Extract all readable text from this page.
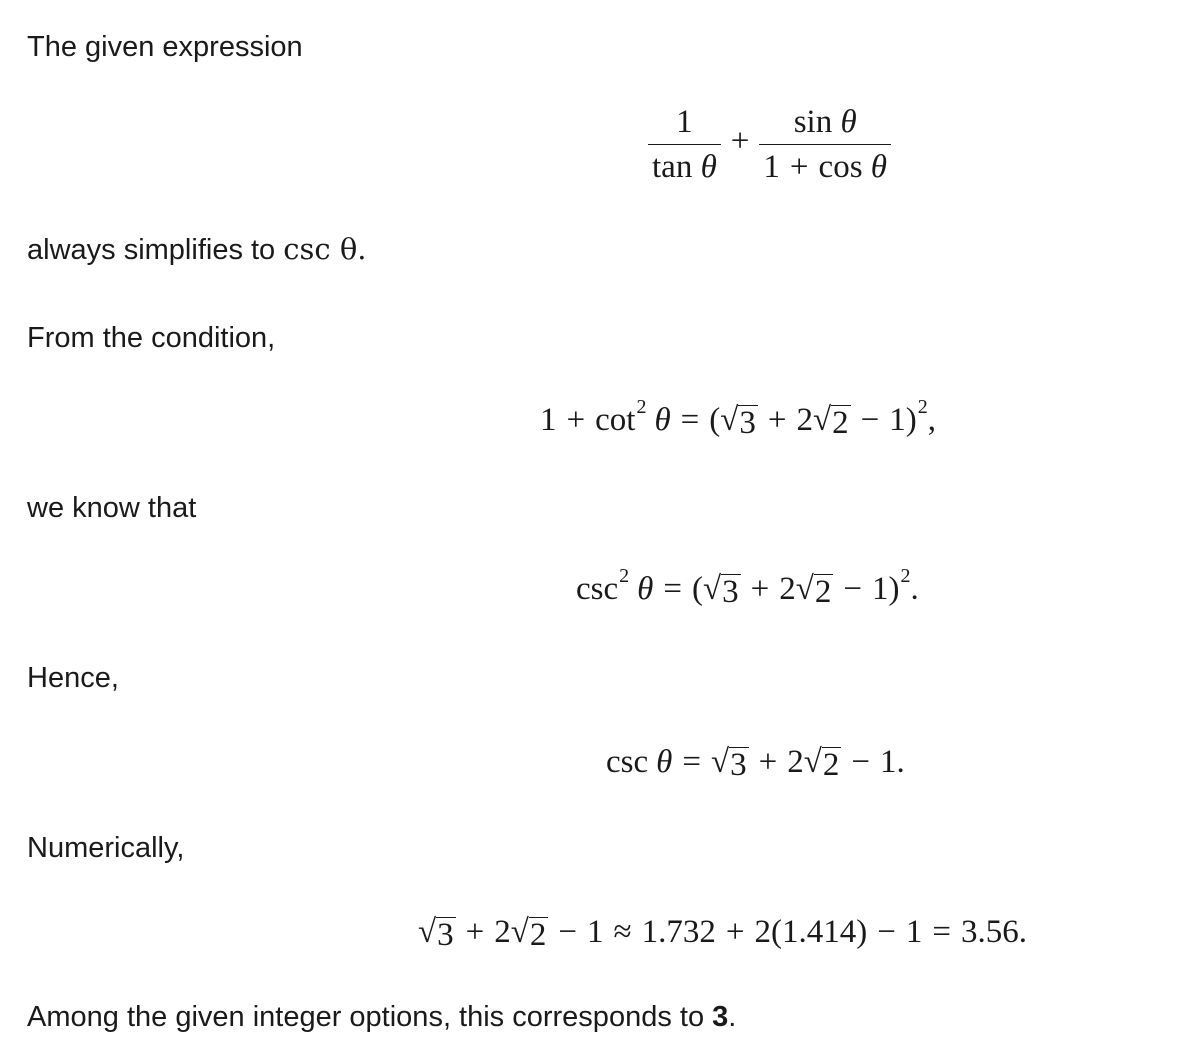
The given expression
$\frac{1}{\text{tan θ}} + \frac{\text{sin θ}}{\text{1 + cos θ}}$
always simplifies to csc θ.
From the condition,
1 + cot 2 θ = ( √ 3 + 2 √ 2 − 1) 2 ,
we know that
csc 2 θ = ( √ 3 + 2 √ 2 − 1) 2 .
Hence,
csc θ = √ 3 + 2 √ 2 − 1.
Numerically,
√ 3 + 2 √ 2 − 1 ≈ 1.732 + 2(1.414) − 1 = 3.56.
Among the given integer options, this corresponds to 3.
